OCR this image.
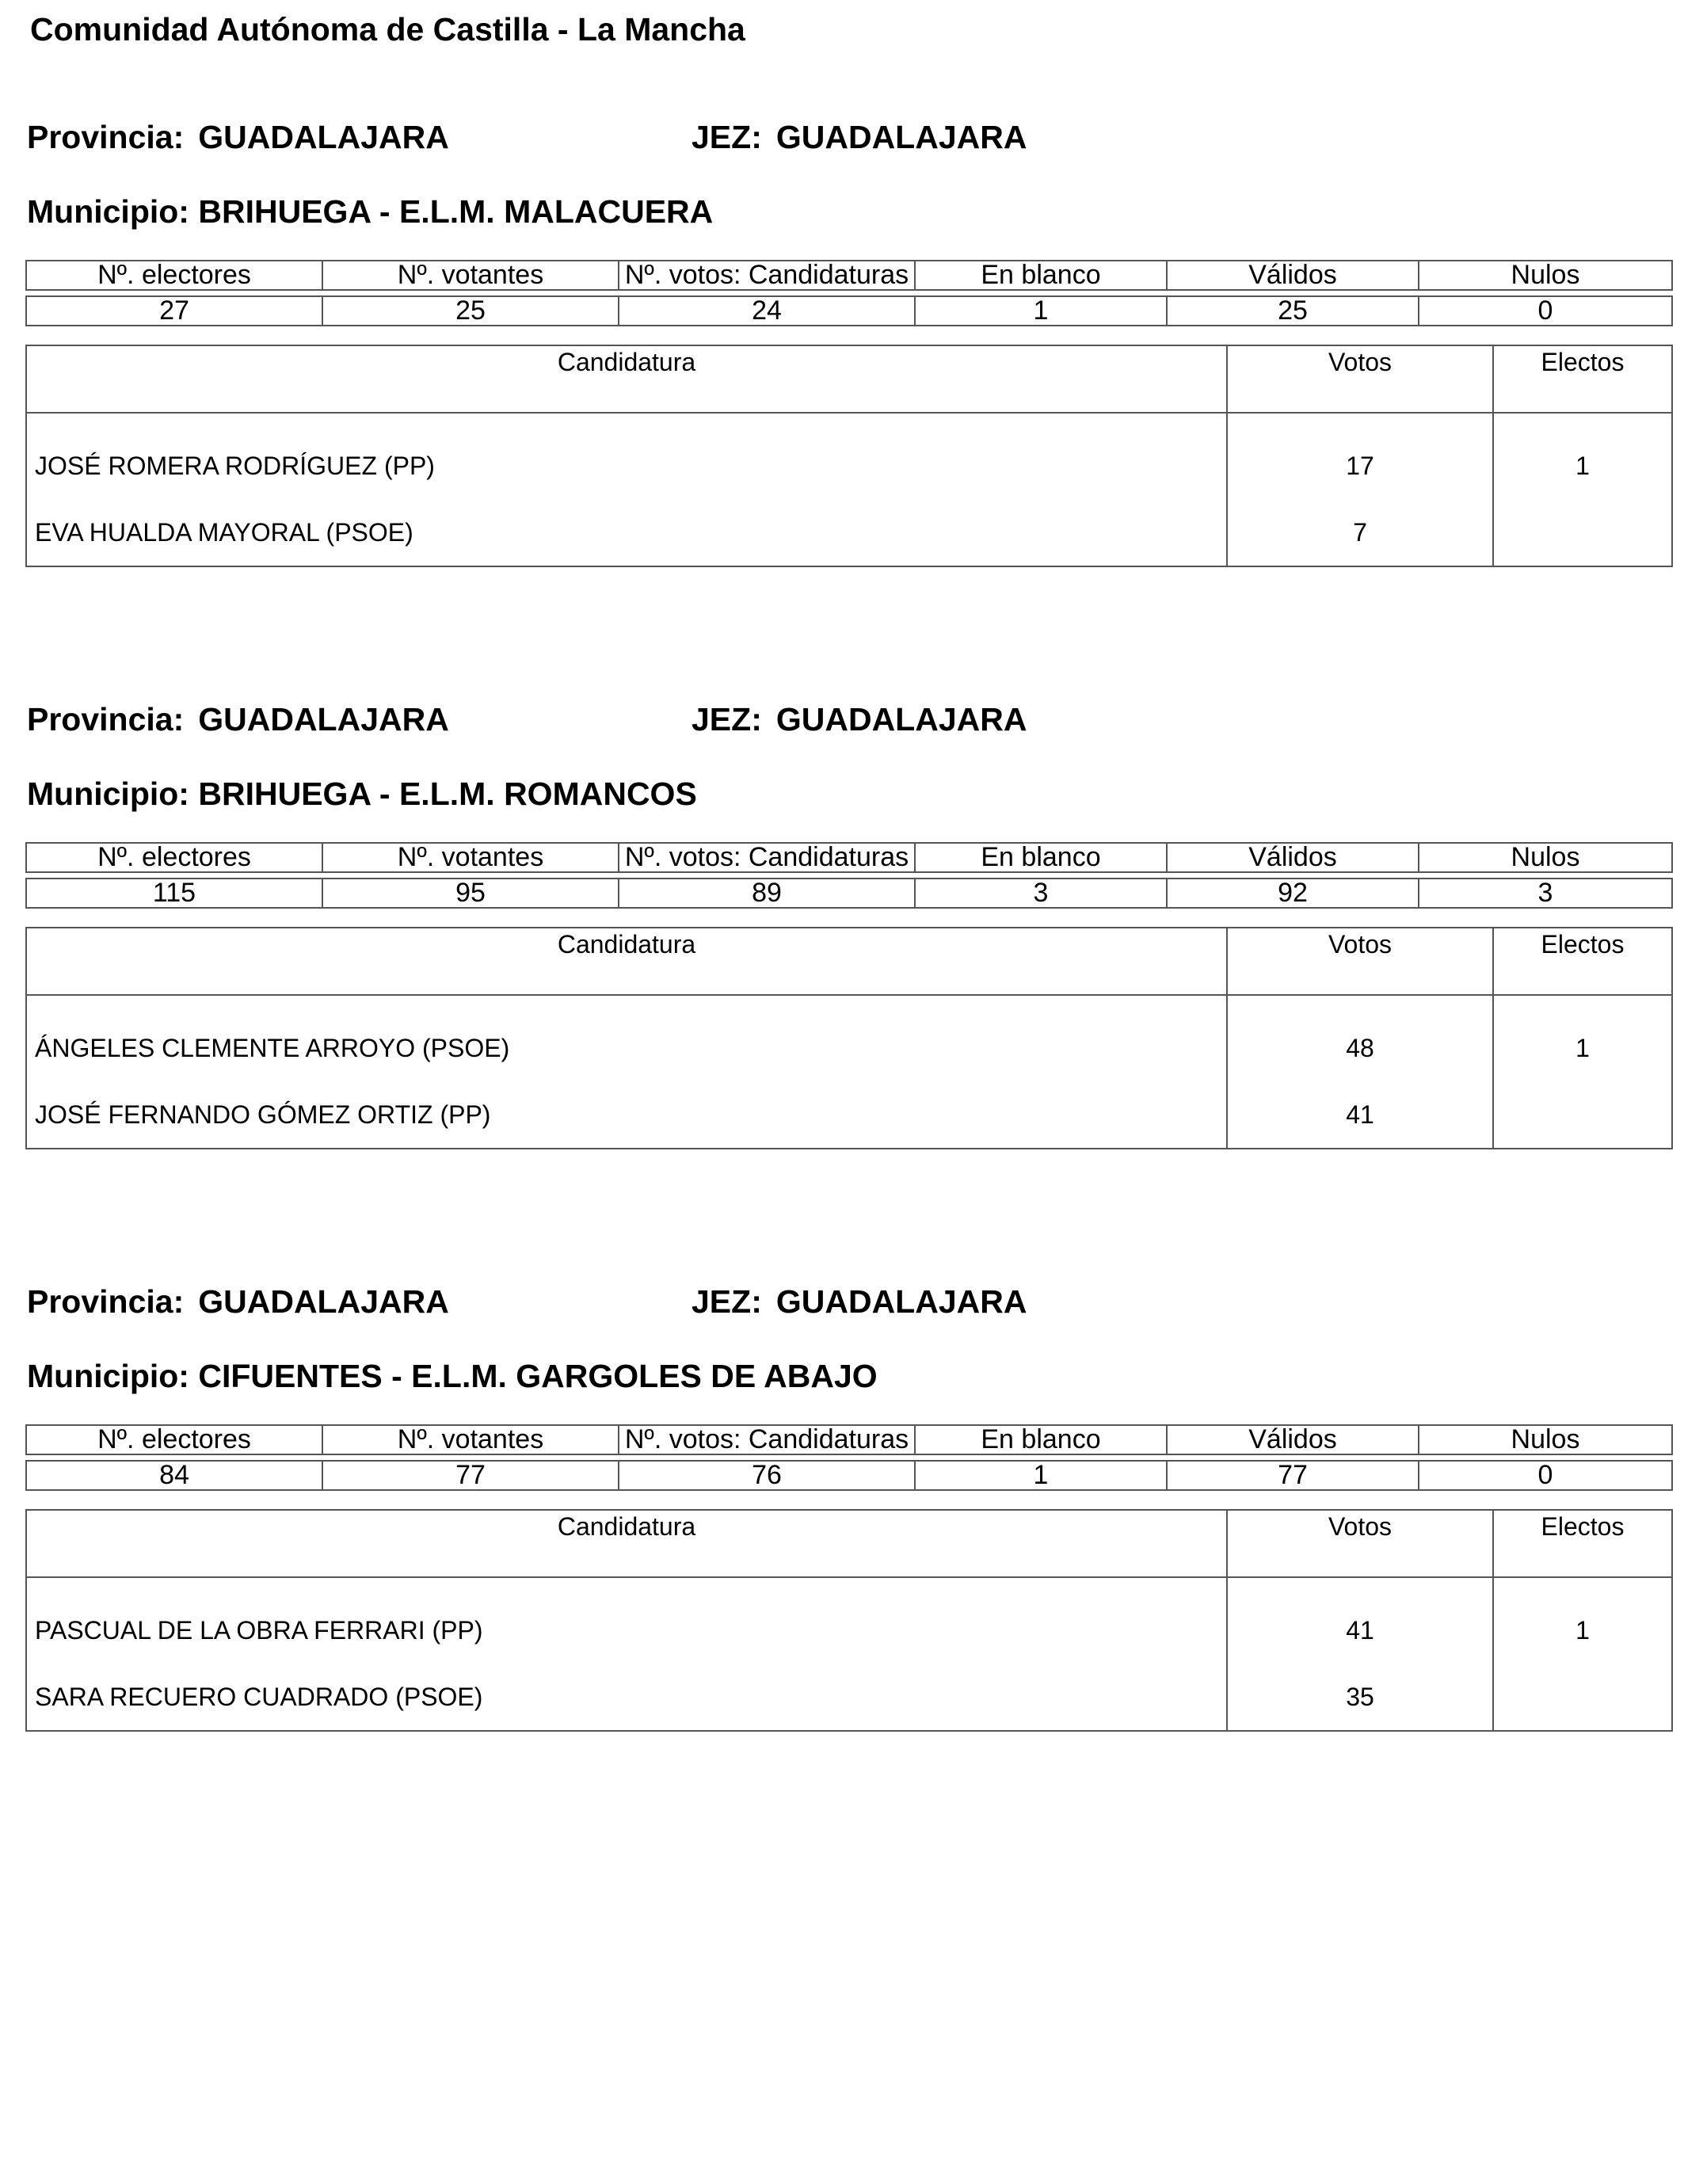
Comunidad Autónoma de Castilla - La Mancha
Provincia: GUADALAJARA	JEZ: GUADALAJARA
Municipio: BRIHUEGA - E.L.M. MALACUERA
Nº. electores	Nº. votantes	Nº. votos: Candidaturas	En blanco	Válidos	Nulos

27	25	24	1	25	0
Candidatura	Votos	Electos
JOSÉ ROMERA RODRÍGUEZ (PP)	17	1
EVA HUALDA MAYORAL (PSOE)	7	
Provincia: GUADALAJARA	JEZ: GUADALAJARA
Municipio: BRIHUEGA - E.L.M. ROMANCOS
Nº. electores	Nº. votantes	Nº. votos: Candidaturas	En blanco	Válidos	Nulos

115	95	89	3	92	3
Candidatura	Votos	Electos
ÁNGELES CLEMENTE ARROYO (PSOE)	48	1
JOSÉ FERNANDO GÓMEZ ORTIZ (PP)	41	
Provincia: GUADALAJARA	JEZ: GUADALAJARA
Municipio: CIFUENTES - E.L.M. GARGOLES DE ABAJO
Nº. electores	Nº. votantes	Nº. votos: Candidaturas	En blanco	Válidos	Nulos

84	77	76	1	77	0
Candidatura	Votos	Electos
PASCUAL DE LA OBRA FERRARI (PP)	41	1
SARA RECUERO CUADRADO (PSOE)	35	
